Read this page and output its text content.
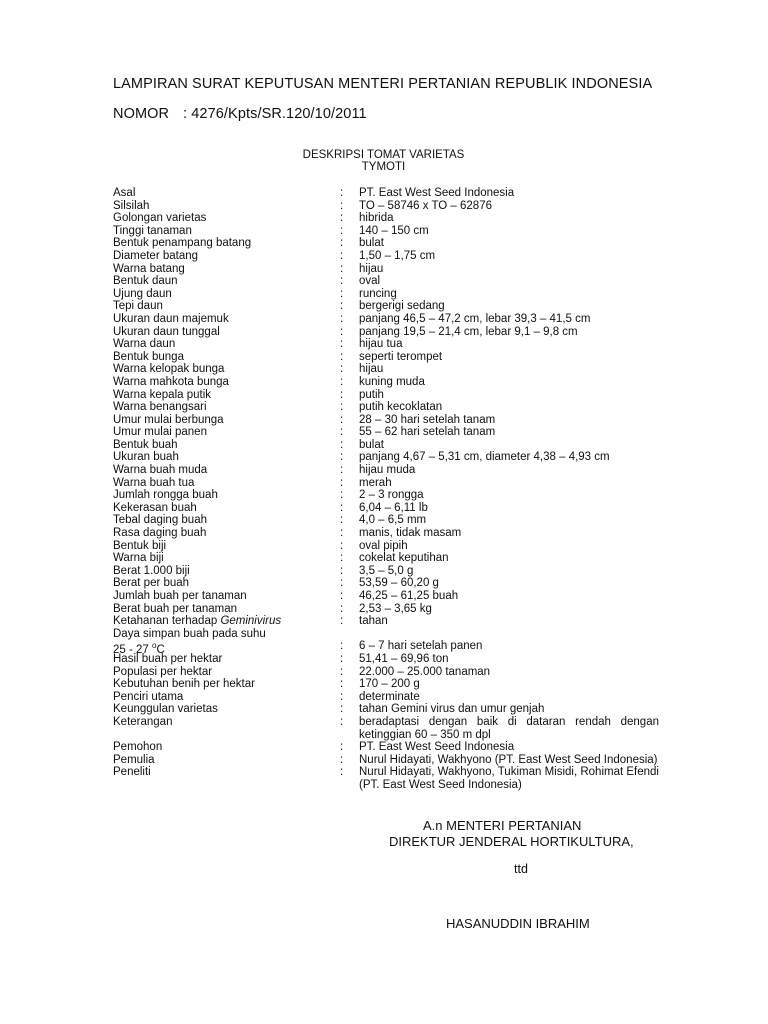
LAMPIRAN SURAT KEPUTUSAN MENTERI PERTANIAN REPUBLIK INDONESIA
NOMOR : 4276/Kpts/SR.120/10/2011
DESKRIPSI TOMAT VARIETAS
TYMOTI
Asal	: PT. East West Seed Indonesia
Silsilah	: TO – 58746 x TO – 62876
Golongan varietas	: hibrida
Tinggi tanaman	: 140 – 150 cm
Bentuk penampang batang	: bulat
Diameter batang	: 1,50 – 1,75 cm
Warna batang	: hijau
Bentuk daun	: oval
Ujung daun	: runcing
Tepi daun	: bergerigi sedang
Ukuran daun majemuk	: panjang 46,5 – 47,2 cm, lebar 39,3 – 41,5 cm
Ukuran daun tunggal	: panjang 19,5 – 21,4 cm, lebar 9,1 – 9,8 cm
Warna daun	: hijau tua
Bentuk bunga	: seperti terompet
Warna kelopak bunga	: hijau
Warna mahkota bunga	: kuning muda
Warna kepala putik	: putih
Warna benangsari	: putih kecoklatan
Umur mulai berbunga	: 28 – 30 hari setelah tanam
Umur mulai panen	: 55 – 62 hari setelah tanam
Bentuk buah	: bulat
Ukuran buah	: panjang 4,67 – 5,31 cm, diameter 4,38 – 4,93 cm
Warna buah muda	: hijau muda
Warna buah tua	: merah
Jumlah rongga buah	: 2 – 3 rongga
Kekerasan buah	: 6,04 – 6,11 lb
Tebal daging buah	: 4,0 – 6,5 mm
Rasa daging buah	: manis, tidak masam
Bentuk biji	: oval pipih
Warna biji	: cokelat keputihan
Berat 1.000 biji	: 3,5 – 5,0 g
Berat per buah	: 53,59 – 60,20 g
Jumlah buah per tanaman	: 46,25 – 61,25 buah
Berat buah per tanaman	: 2,53 – 3,65 kg
Ketahanan terhadap Geminivirus	: tahan
Daya simpan buah pada suhu
25 - 27 $^o$C	: 6 – 7 hari setelah panen
Hasil buah per hektar	: 51,41 – 69,96 ton
Populasi per hektar	: 22.000 – 25.000 tanaman
Kebutuhan benih per hektar	: 170 – 200 g
Penciri utama	: determinate
Keunggulan varietas	: tahan Gemini virus dan umur genjah
Keterangan	: beradaptasi dengan baik di dataran rendah dengan ketinggian 60 – 350 m dpl
Pemohon	: PT. East West Seed Indonesia
Pemulia	: Nurul Hidayati, Wakhyono (PT. East West Seed Indonesia)
Peneliti	: Nurul Hidayati, Wakhyono, Tukiman Misidi, Rohimat Efendi (PT. East West Seed Indonesia)
A.n MENTERI PERTANIAN
DIREKTUR JENDERAL HORTIKULTURA,
ttd
HASANUDDIN IBRAHIM
